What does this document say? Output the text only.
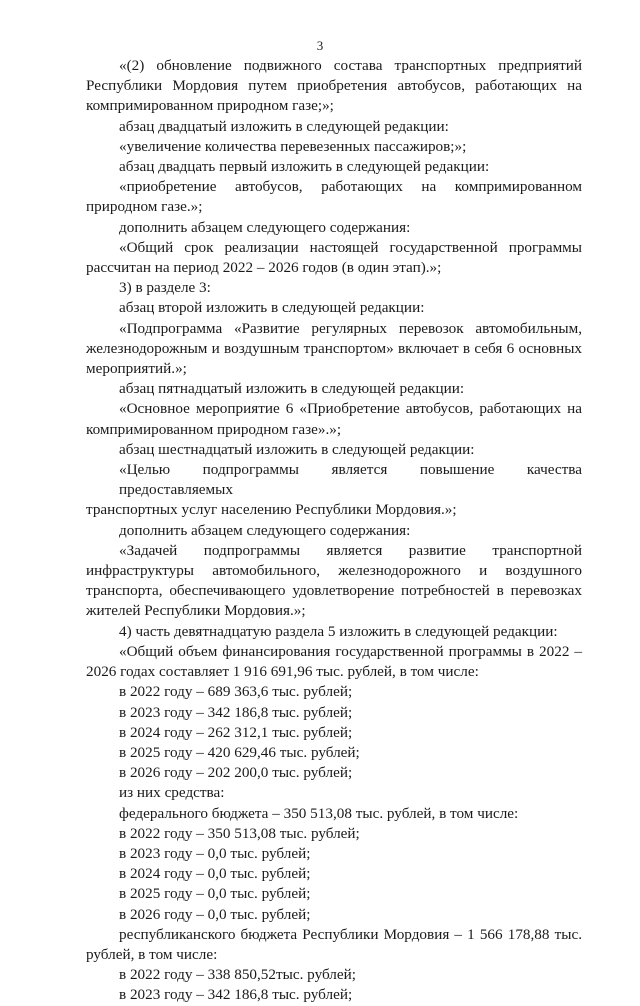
3
«(2) обновление подвижного состава транспортных предприятий
Республики Мордовия путем приобретения автобусов, работающих на
компримированном природном газе;»;
абзац двадцатый изложить в следующей редакции:
«увеличение количества перевезенных пассажиров;»;
абзац двадцать первый изложить в следующей редакции:
«приобретение автобусов, работающих на компримированном
природном газе.»;
дополнить абзацем следующего содержания:
«Общий срок реализации настоящей государственной программы
рассчитан на период 2022 – 2026 годов (в один этап).»;
3) в разделе 3:
абзац второй изложить в следующей редакции:
«Подпрограмма «Развитие регулярных перевозок автомобильным,
железнодорожным и воздушным транспортом» включает в себя 6 основных
мероприятий.»;
абзац пятнадцатый изложить в следующей редакции:
«Основное мероприятие 6 «Приобретение автобусов, работающих на
компримированном природном газе».»;
абзац шестнадцатый изложить в следующей редакции:
«Целью подпрограммы является повышение качества предоставляемых
транспортных услуг населению Республики Мордовия.»;
дополнить абзацем следующего содержания:
«Задачей подпрограммы является развитие транспортной
инфраструктуры автомобильного, железнодорожного и воздушного
транспорта, обеспечивающего удовлетворение потребностей в перевозках
жителей Республики Мордовия.»;
4) часть девятнадцатую раздела 5 изложить в следующей редакции:
«Общий объем финансирования государственной программы в 2022 –
2026 годах составляет 1 916 691,96 тыс. рублей, в том числе:
в 2022 году – 689 363,6 тыс. рублей;
в 2023 году – 342 186,8 тыс. рублей;
в 2024 году – 262 312,1 тыс. рублей;
в 2025 году – 420 629,46 тыс. рублей;
в 2026 году – 202 200,0 тыс. рублей;
из них средства:
федерального бюджета – 350 513,08 тыс. рублей, в том числе:
в 2022 году – 350 513,08 тыс. рублей;
в 2023 году – 0,0 тыс. рублей;
в 2024 году – 0,0 тыс. рублей;
в 2025 году – 0,0 тыс. рублей;
в 2026 году – 0,0 тыс. рублей;
республиканского бюджета Республики Мордовия – 1 566 178,88 тыс.
рублей, в том числе:
в 2022 году – 338 850,52тыс. рублей;
в 2023 году – 342 186,8 тыс. рублей;
